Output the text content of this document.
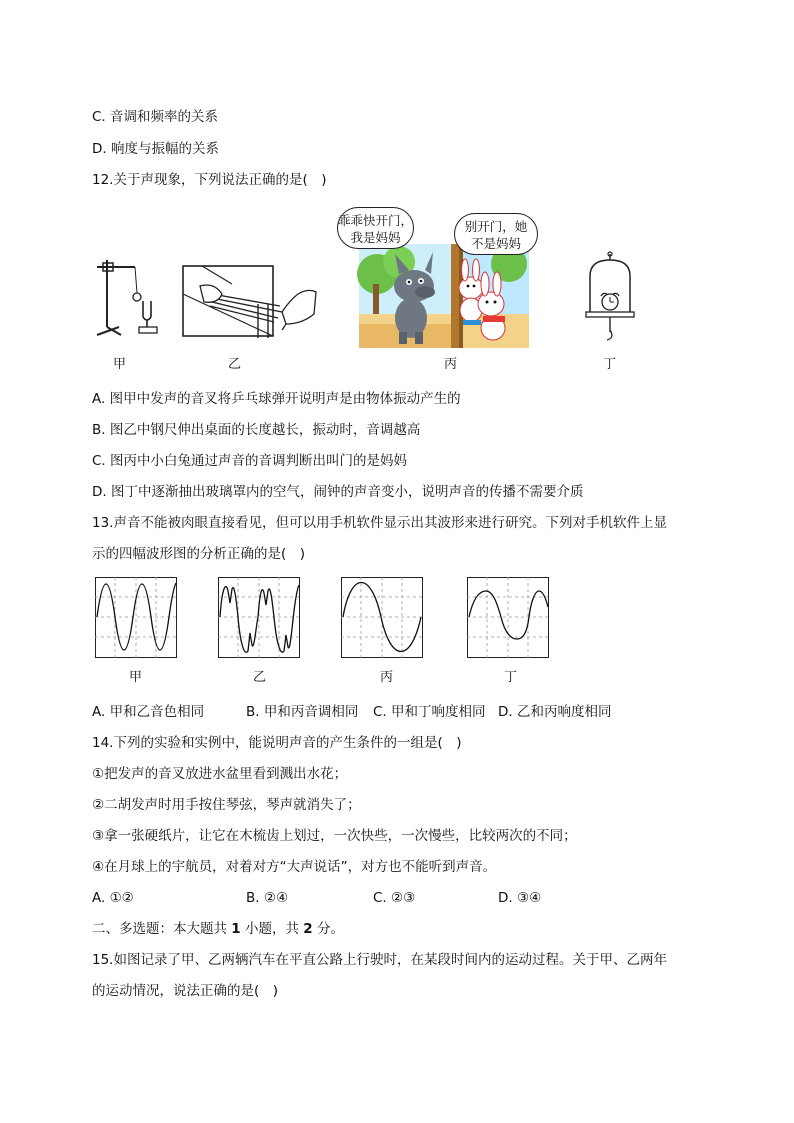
C. 音调和频率的关系
D. 响度与振幅的关系
12.关于声现象，下列说法正确的是(　)
甲	乙
乖乖快开门，
我是妈妈
别开门，她
不是妈妈
丙	丁
A. 图甲中发声的音叉将乒乓球弹开说明声是由物体振动产生的
B. 图乙中钢尺伸出桌面的长度越长，振动时，音调越高
C. 图丙中小白兔通过声音的音调判断出叫门的是妈妈
D. 图丁中逐渐抽出玻璃罩内的空气，闹钟的声音变小，说明声音的传播不需要介质
13.声音不能被肉眼直接看见，但可以用手机软件显示出其波形来进行研究。下列对手机软件上显
示的四幅波形图的分析正确的是(　)
甲	乙	丙	丁
A. 甲和乙音色相同	B. 甲和丙音调相同 C. 甲和丁响度相同 D. 乙和丙响度相同
14.下列的实验和实例中，能说明声音的产生条件的一组是(　)
①把发声的音叉放进水盆里看到溅出水花；
②二胡发声时用手按住琴弦，琴声就消失了；
③拿一张硬纸片，让它在木梳齿上划过，一次快些，一次慢些，比较两次的不同；
④在月球上的宇航员，对着对方“大声说话”，对方也不能听到声音。
A. ①②	B. ②④	C. ②③	D. ③④
二、多选题：本大题共 1 小题，共 2 分。
15.如图记录了甲、乙两辆汽车在平直公路上行驶时，在某段时间内的运动过程。关于甲、乙两年
的运动情况，说法正确的是(　)
